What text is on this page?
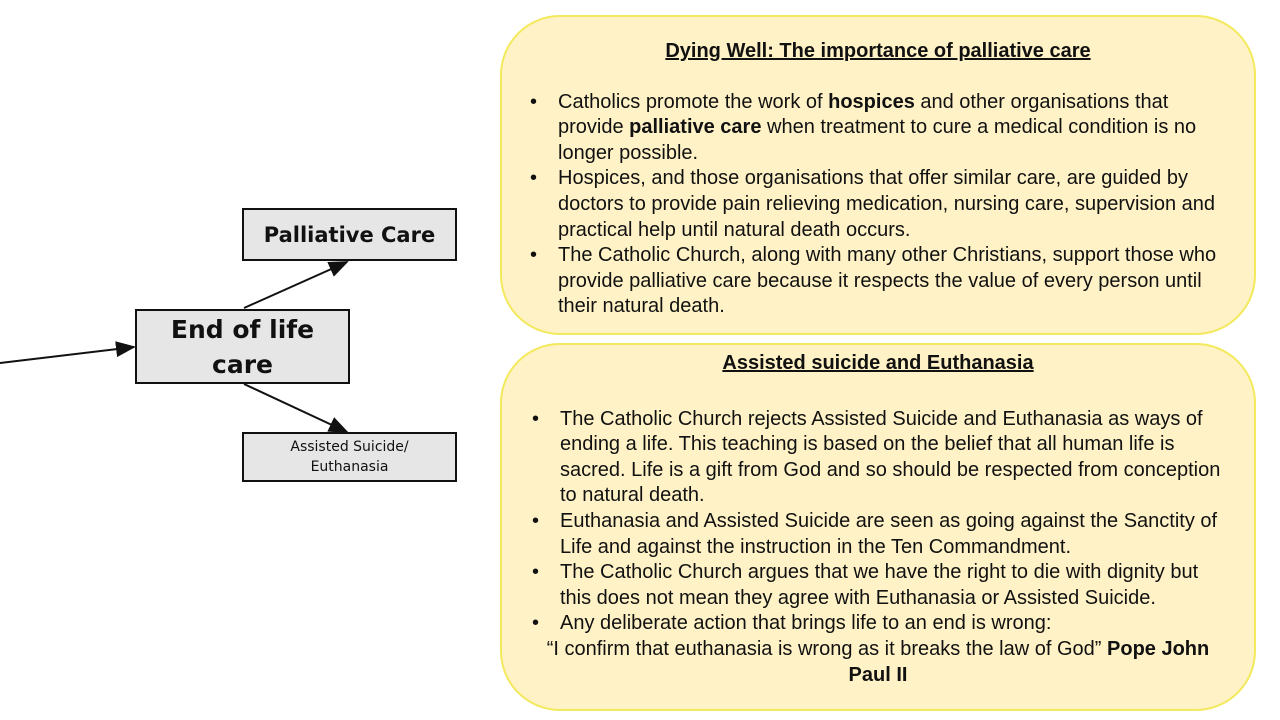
End of life care
Palliative Care
Assisted Suicide/ Euthanasia
Dying Well: The importance of palliative care
• Catholics promote the work of hospices and other organisations that provide palliative care when treatment to cure a medical condition is no longer possible.
• Hospices, and those organisations that offer similar care, are guided by doctors to provide pain relieving medication, nursing care, supervision and practical help until natural death occurs.
• The Catholic Church, along with many other Christians, support those who provide palliative care because it respects the value of every person until their natural death.
Assisted suicide and Euthanasia
• The Catholic Church rejects Assisted Suicide and Euthanasia as ways of ending a life. This teaching is based on the belief that all human life is sacred. Life is a gift from God and so should be respected from conception to natural death.
• Euthanasia and Assisted Suicide are seen as going against the Sanctity of Life and against the instruction in the Ten Commandment.
• The Catholic Church argues that we have the right to die with dignity but this does not mean they agree with Euthanasia or Assisted Suicide.
• Any deliberate action that brings life to an end is wrong:
“I confirm that euthanasia is wrong as it breaks the law of God” Pope John Paul II
